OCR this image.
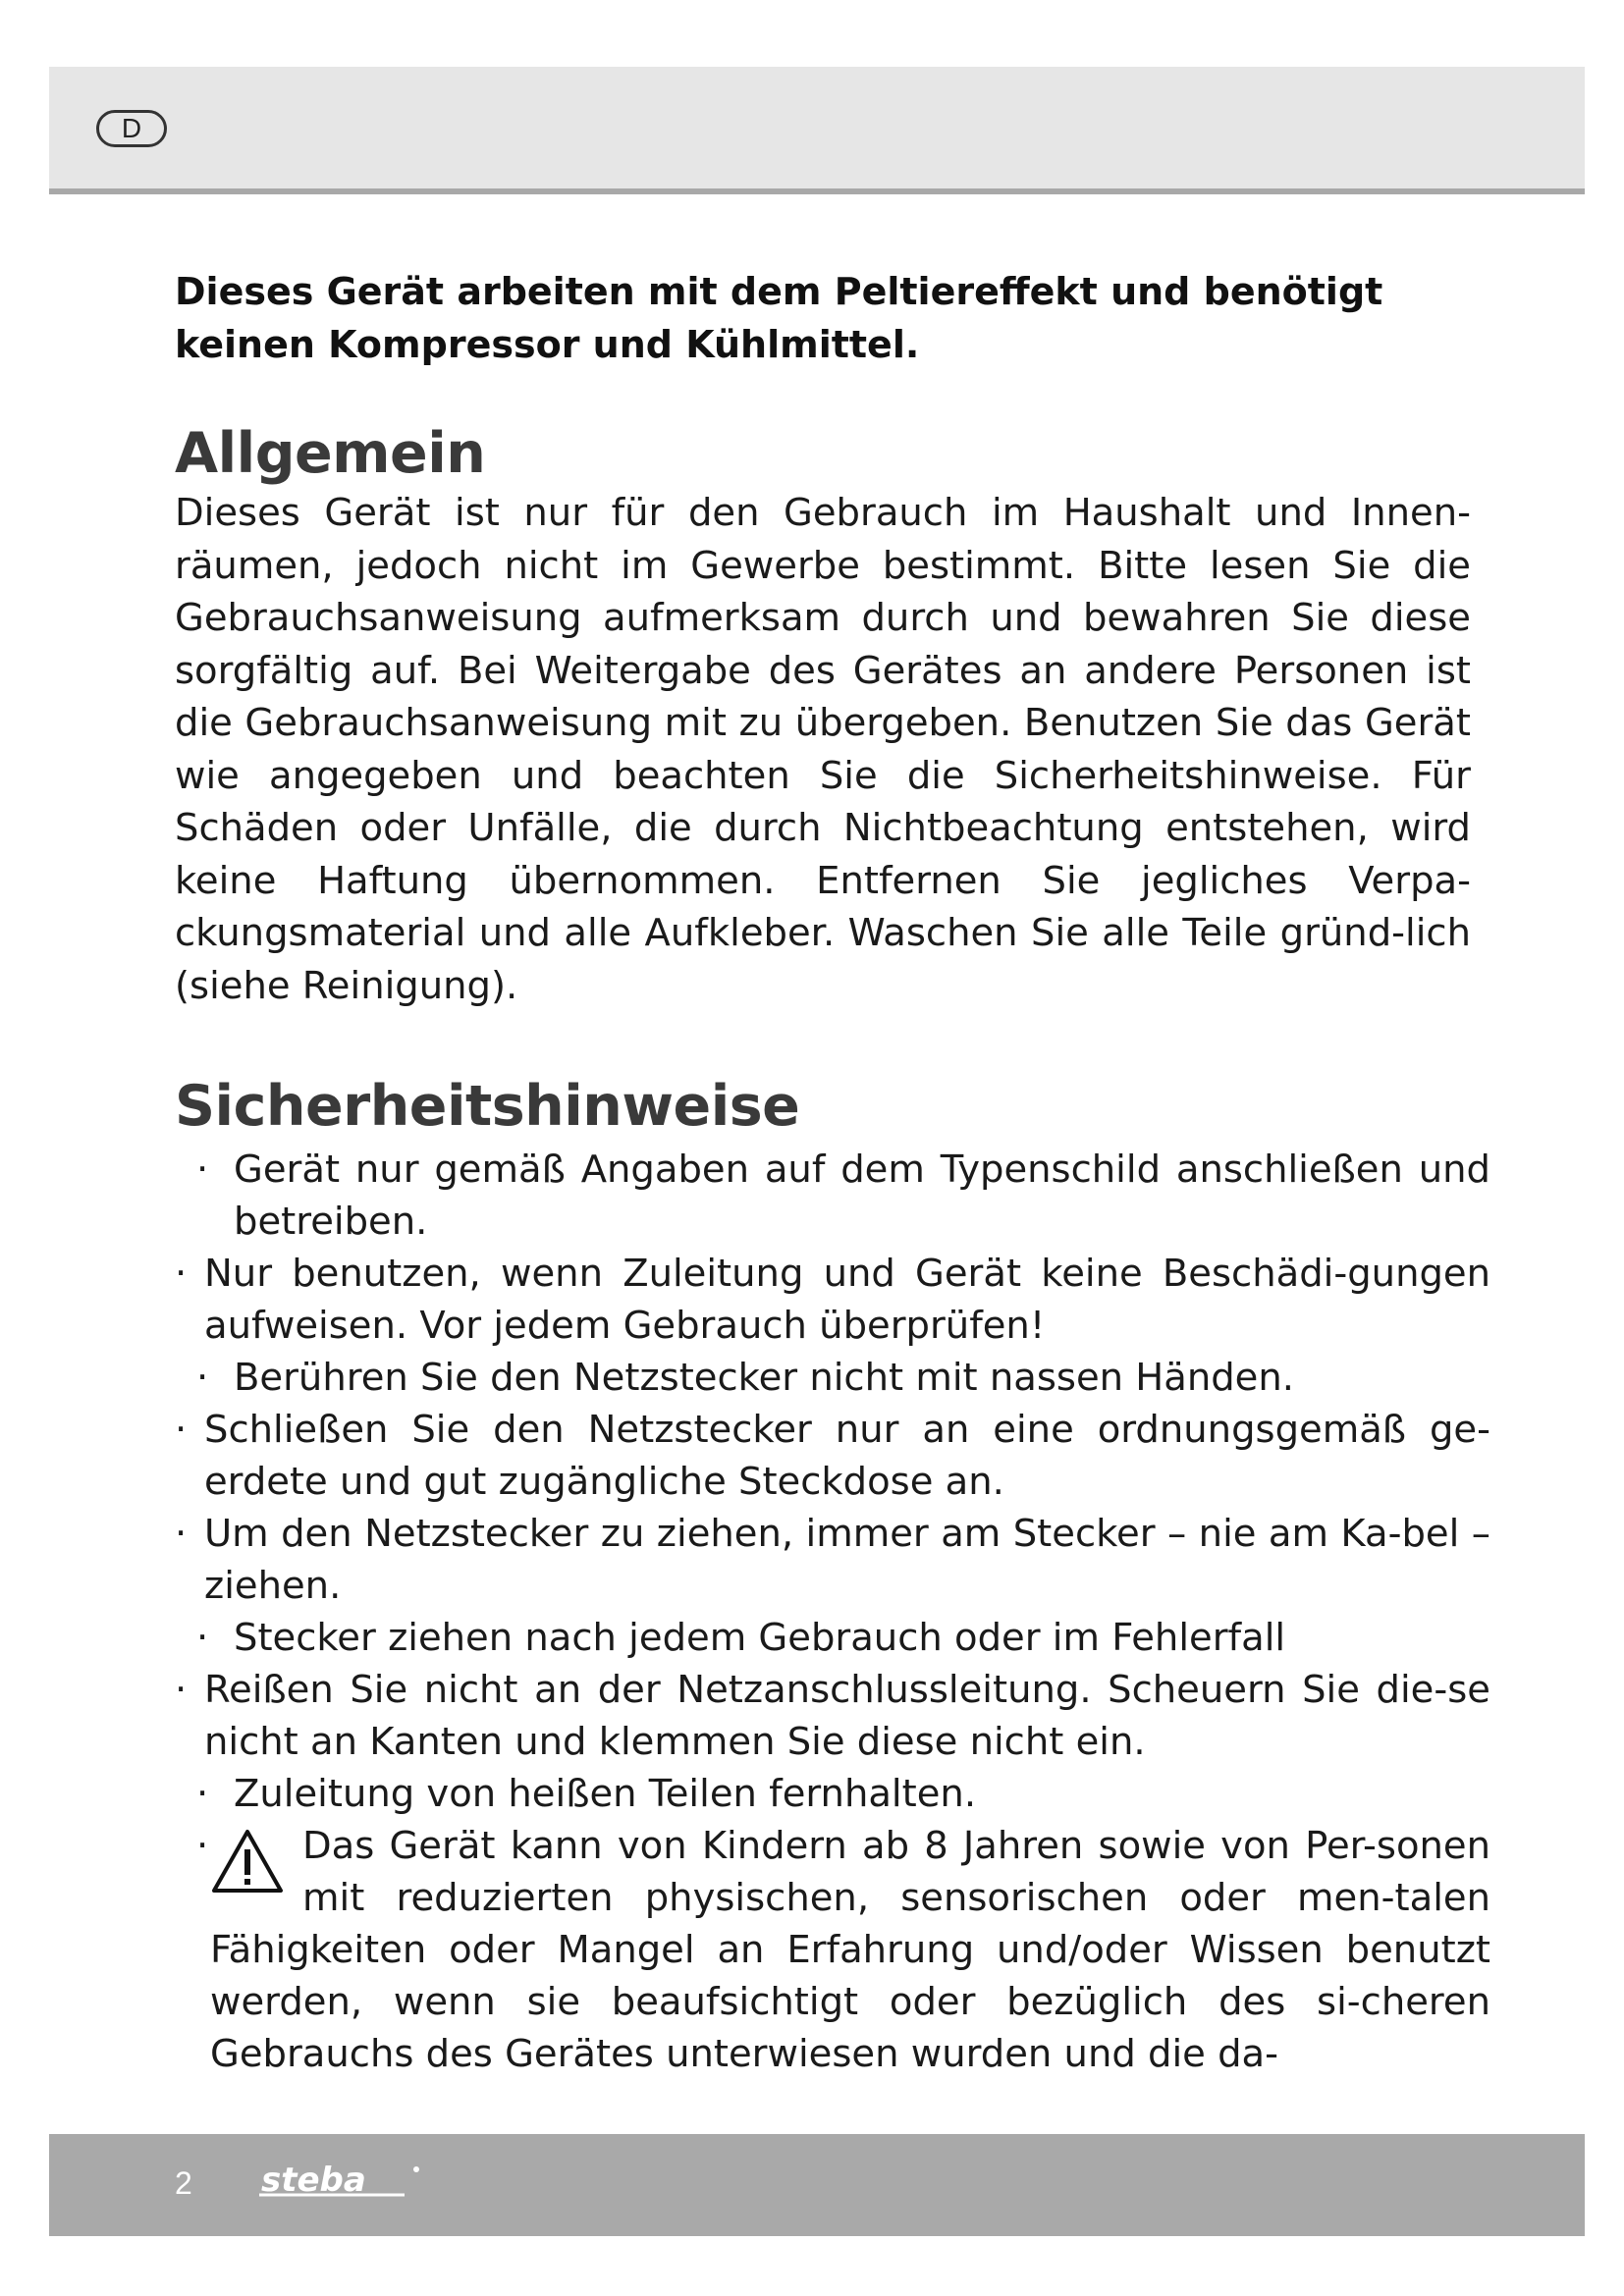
D

Dieses Gerät arbeiten mit dem Peltiereffekt und benötigt keinen Kompressor und Kühlmittel.

Allgemein

Dieses Gerät ist nur für den Gebrauch im Haushalt und Innen-räumen, jedoch nicht im Gewerbe bestimmt. Bitte lesen Sie die Gebrauchsanweisung aufmerksam durch und bewahren Sie diese sorgfältig auf. Bei Weitergabe des Gerätes an andere Personen ist die Gebrauchsanweisung mit zu übergeben. Benutzen Sie das Gerät wie angegeben und beachten Sie die Sicherheitshinweise. Für Schäden oder Unfälle, die durch Nichtbeachtung entstehen, wird keine Haftung übernommen. Entfernen Sie jegliches Verpa-ckungsmaterial und alle Aufkleber. Waschen Sie alle Teile gründ-lich (siehe Reinigung).

Sicherheitshinweise
· Gerät nur gemäß Angaben auf dem Typenschild anschließen und betreiben.
· Nur benutzen, wenn Zuleitung und Gerät keine Beschädi-gungen aufweisen. Vor jedem Gebrauch überprüfen!
· Berühren Sie den Netzstecker nicht mit nassen Händen.
· Schließen Sie den Netzstecker nur an eine ordnungsgemäß ge-erdete und gut zugängliche Steckdose an.
· Um den Netzstecker zu ziehen, immer am Stecker – nie am Ka-bel – ziehen.
· Stecker ziehen nach jedem Gebrauch oder im Fehlerfall
· Reißen Sie nicht an der Netzanschlussleitung. Scheuern Sie die-se nicht an Kanten und klemmen Sie diese nicht ein.
· Zuleitung von heißen Teilen fernhalten.
· Das Gerät kann von Kindern ab 8 Jahren sowie von Per-sonen mit reduzierten physischen, sensorischen oder men-talen Fähigkeiten oder Mangel an Erfahrung und/oder Wissen benutzt werden, wenn sie beaufsichtigt oder bezüglich des si-cheren Gebrauchs des Gerätes unterwiesen wurden und die da-
2 steba
